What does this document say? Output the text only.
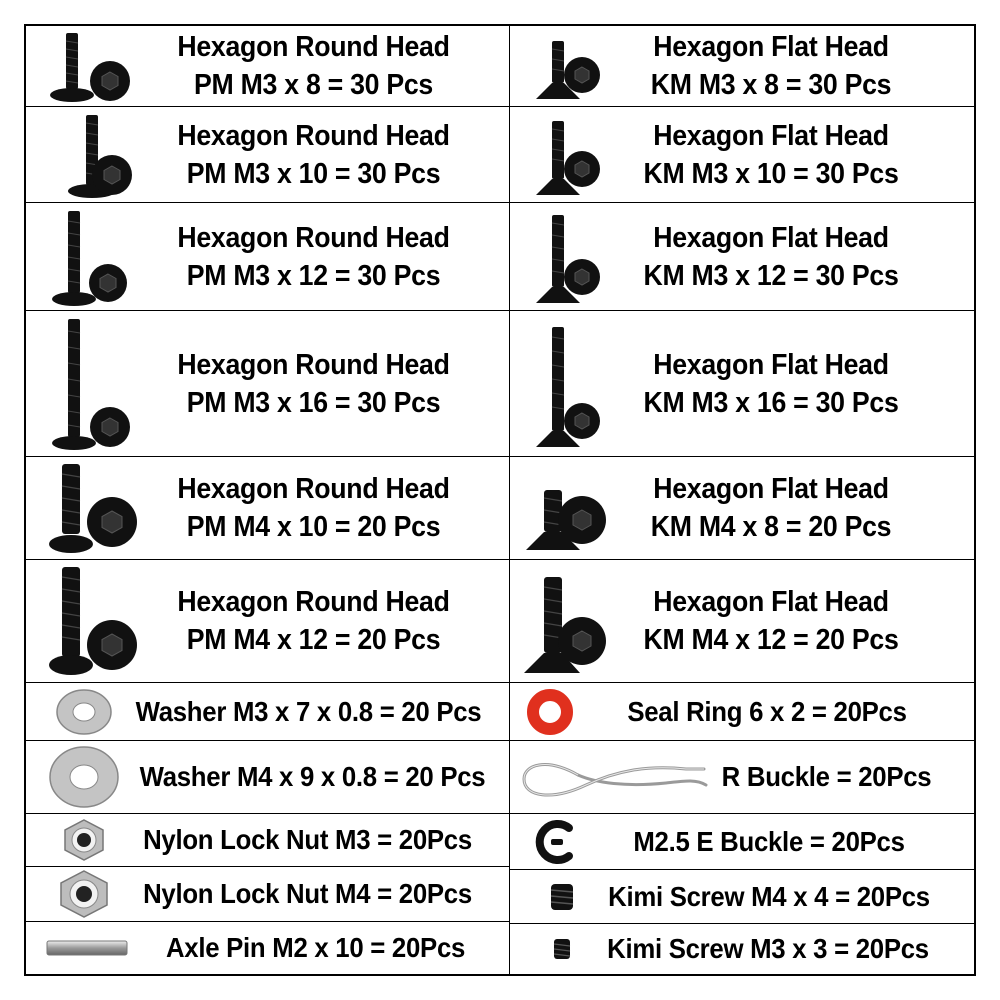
Hexagon Round Head
PM M3 x 8 = 30 Pcs
Hexagon Round Head
PM M3 x 10 = 30 Pcs
Hexagon Round Head
PM M3 x 12 = 30 Pcs
Hexagon Round Head
PM M3 x 16 = 30 Pcs
Hexagon Round Head
PM M4 x 10 = 20 Pcs
Hexagon Round Head
PM M4 x 12 = 20 Pcs
Washer M3 x 7 x 0.8 = 20 Pcs
Washer M4 x 9 x 0.8 = 20 Pcs
Nylon Lock Nut M3 = 20Pcs
Nylon Lock Nut M4 = 20Pcs
Axle Pin M2 x 10 = 20Pcs
Hexagon Flat Head
KM M3 x 8 = 30 Pcs
Hexagon Flat Head
KM M3 x 10 = 30 Pcs
Hexagon Flat Head
KM M3 x 12 = 30 Pcs
Hexagon Flat Head
KM M3 x 16 = 30 Pcs
Hexagon Flat Head
KM M4 x 8 = 20 Pcs
Hexagon Flat Head
KM M4 x 12 = 20 Pcs
Seal Ring 6 x 2 = 20Pcs
R Buckle = 20Pcs
M2.5 E Buckle = 20Pcs
Kimi Screw M4 x 4 = 20Pcs
Kimi Screw M3 x 3 = 20Pcs
